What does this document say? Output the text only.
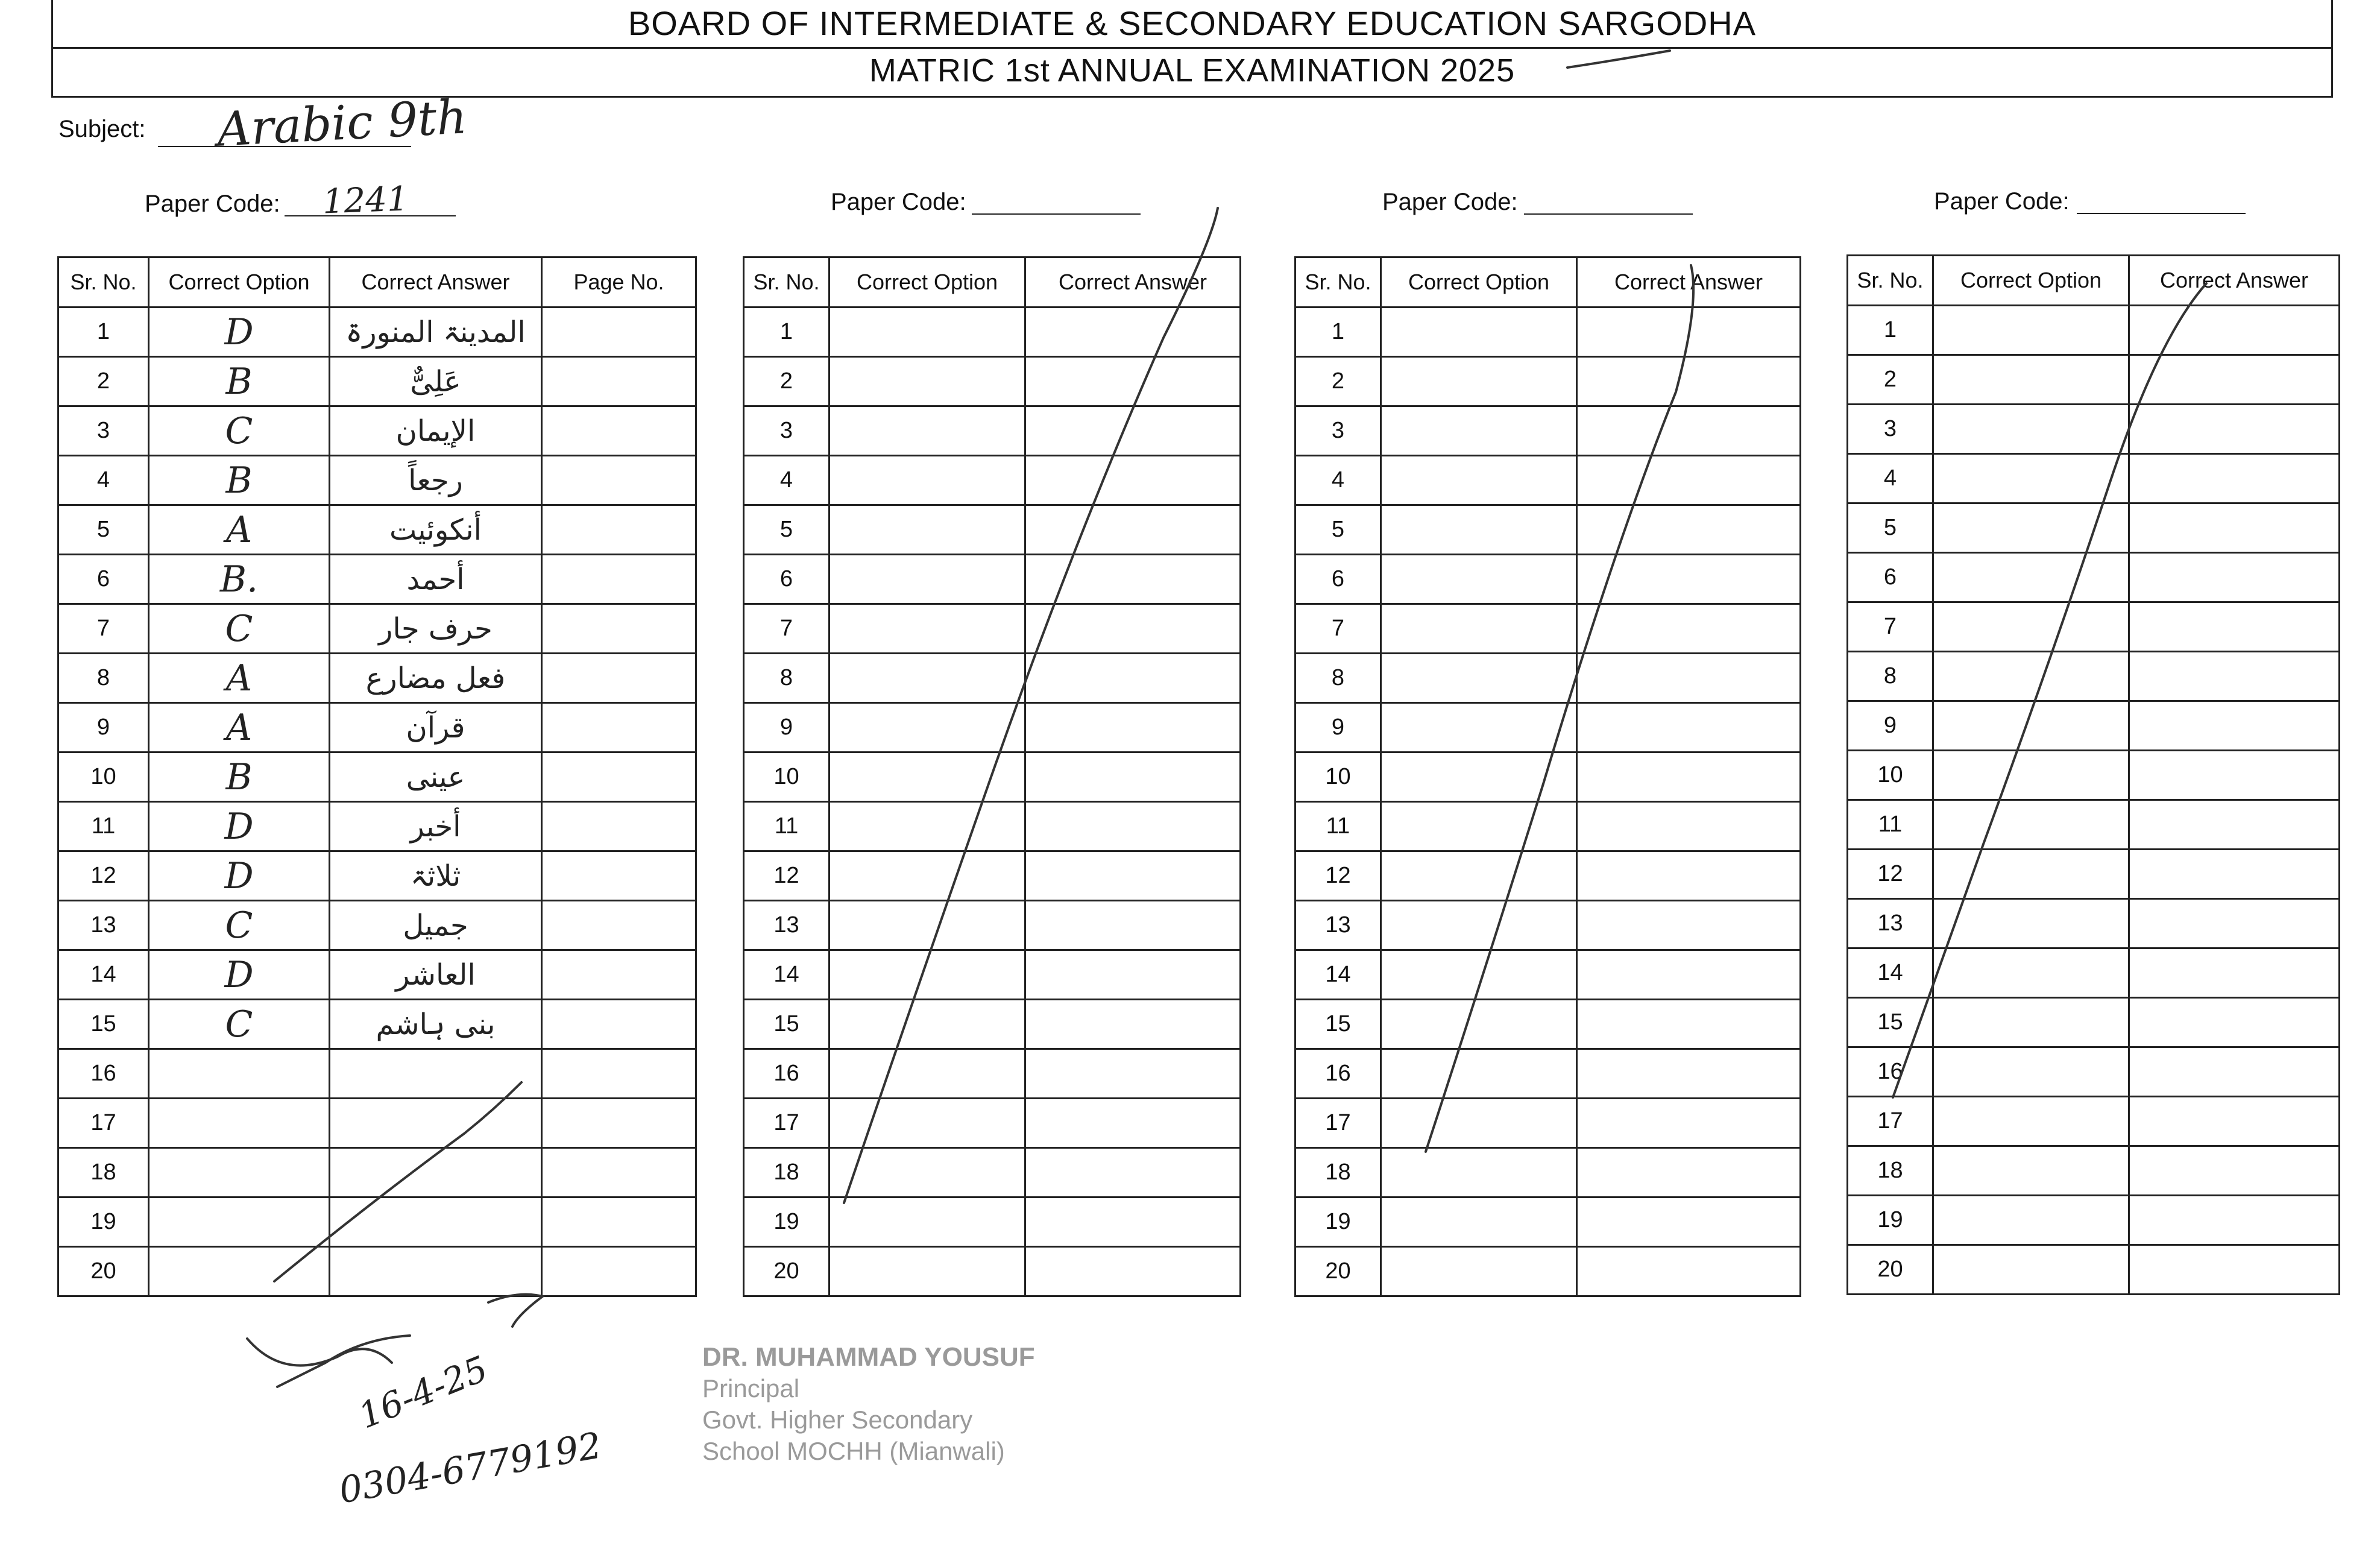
BOARD OF INTERMEDIATE & SECONDARY EDUCATION SARGODHA
MATRIC 1st ANNUAL EXAMINATION 2025
Subject: Arabic 9th
Paper Code: 1241	Paper Code:	Paper Code:	Paper Code:
Sr. No.	Correct Option	Correct Answer	Page No.
1	D	المدینۃ المنورۃ	
2	B	عَلِیٌّ	
3	C	الإیمان	
4	B	رجعاً	
5	A	أنکوئیت	
6	B.	أحمد	
7	C	حرف جار	
8	A	فعل مضارع	
9	A	قرآن	
10	B	عینی	
11	D	أخبر	
12	D	ثلاثۃ	
13	C	جمیل	
14	D	العاشر	
15	C	بنی ہاشم	
16			
17			
18			
19			
20			
Sr. No.	Correct Option	Correct Answer
1		
2		
3		
4		
5		
6		
7		
8		
9		
10		
11		
12		
13		
14		
15		
16		
17		
18		
19		
20		
Sr. No.	Correct Option	Correct Answer
1		
2		
3		
4		
5		
6		
7		
8		
9		
10		
11		
12		
13		
14		
15		
16		
17		
18		
19		
20		
Sr. No.	Correct Option	Correct Answer
1		
2		
3		
4		
5		
6		
7		
8		
9		
10		
11		
12		
13		
14		
15		
16		
17		
18		
19		
20		
DR. MUHAMMAD YOUSUF
Principal
Govt. Higher Secondary
School MOCHH (Mianwali)
16-4-25
0304-6779192
